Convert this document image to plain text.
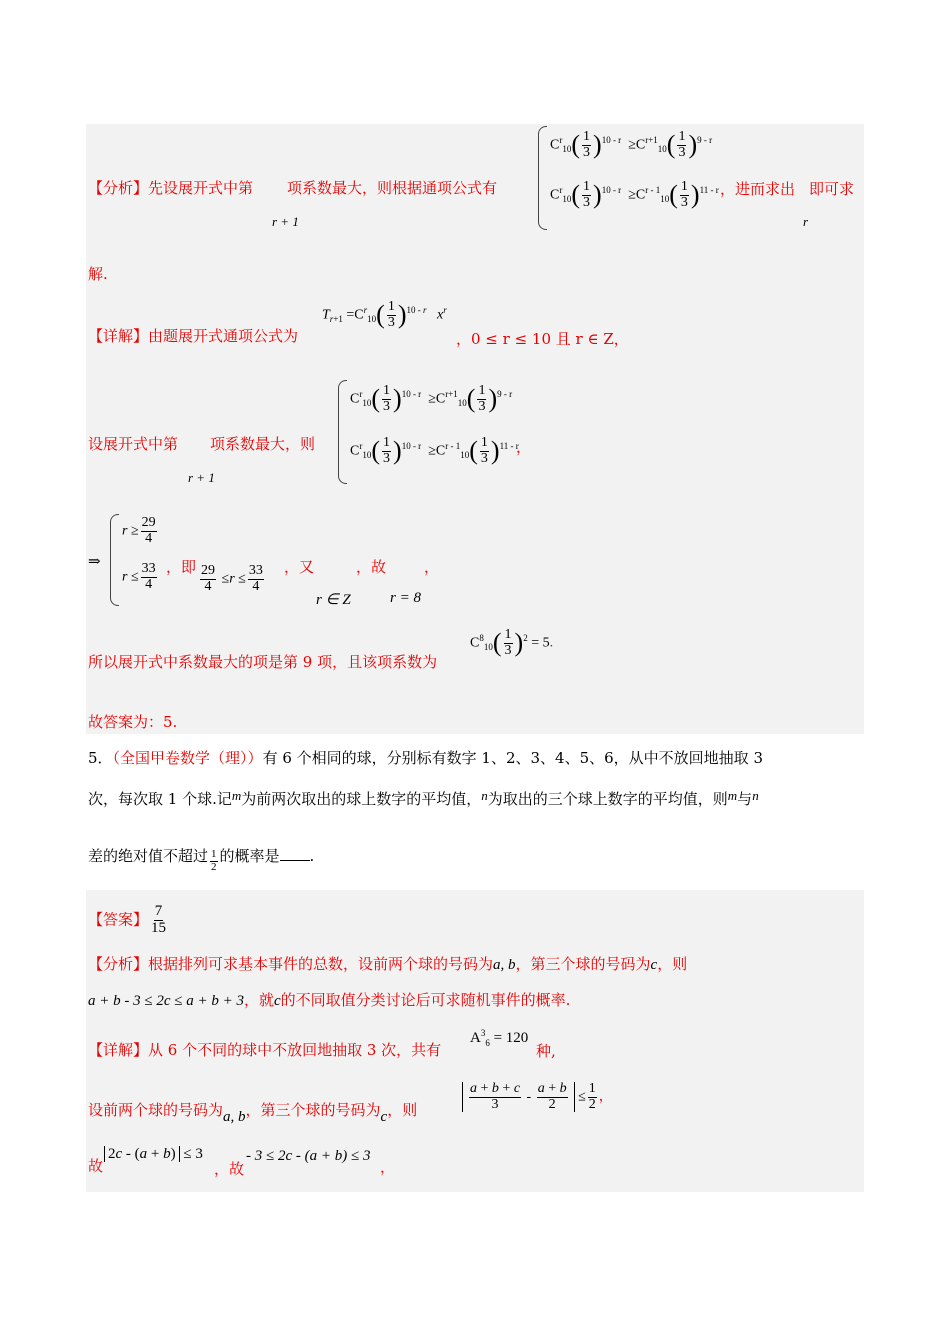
【分析】先设展开式中第 项系数最大，则根据通项公式有
r + 1
$C^r_{10}( \frac{1}{3} )^{10 - r} \ge C^{r+1}_{10}( \frac{1}{3} )^{9 - r}$
$C^r_{10}( \frac{1}{3} )^{10 - r} \ge C^{r - 1}_{10}( \frac{1}{3} )^{11 - r}$ ，进而求出 即可求
r
解.
【详解】由题展开式通项公式为
$T_{r+1} =C^r_{10}( \frac{1}{3} )^{10 - r}$ $x^r$
，0 ≤ r ≤ 10 且 r ∈ Z，
设展开式中第 项系数最大，则
r + 1
$C^r_{10}( \frac{1}{3} )^{10 - r} \ge C^{r+1}_{10}( \frac{1}{3} )^{9 - r}$
$C^r_{10}( \frac{1}{3} )^{10 - r} \ge C^{r - 1}_{10}( \frac{1}{3} )^{11 - r}$
，
⇒
$r \ge \frac{29}{4}$
$r \le \frac{33}{4}$ ，即 $\frac{29}{4} \le r \le \frac{33}{4}$ ，又	，故	，
r ∈ Z	r = 8
所以展开式中系数最大的项是第 9 项，且该项系数为
$C^8_{10}( \frac{1}{3} )^2 = 5$.
故答案为：5.
5．（全国甲卷数学（理））有 6 个相同的球，分别标有数字 1、2、3、4、5、6，从中不放回地抽取 3
次，每次取 1 个球.记m为前两次取出的球上数字的平均值，n为取出的三个球上数字的平均值，则m与n
差的绝对值不超过 $\frac{1}{2}$ 的概率是 .
【答案】 $\frac{7}{15}$
【分析】根据排列可求基本事件的总数，设前两个球的号码为a, b，第三个球的号码为c，则
a + b - 3 ≤ 2c ≤ a + b + 3，就c的不同取值分类讨论后可求随机事件的概率.
【详解】从 6 个不同的球中不放回地抽取 3 次，共有
$A^3_6 = 120$
种,
设前两个球的号码为a, b，第三个球的号码为c，则	$\frac{a + b + c}{3} - \frac{a + b}{2} \le \frac{1}{2}$ ，
故
2c - (a + b) ≤ 3
，故
- 3 ≤ 2c - (a + b) ≤ 3
，
